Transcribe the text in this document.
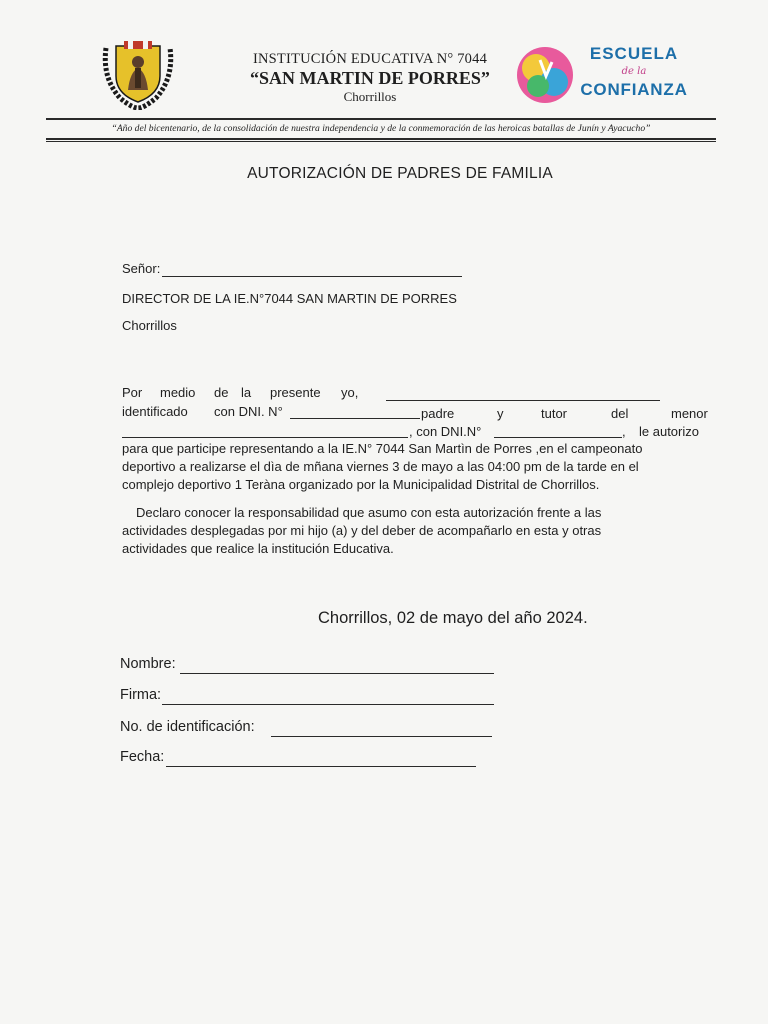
INSTITUCIÓN EDUCATIVA N° 7044
“SAN MARTIN DE PORRES”
Chorrillos
ESCUELA
de la
CONFIANZA
“Año del bicentenario, de la consolidación de nuestra independencia y de la conmemoración de las heroicas batallas de Junín y Ayacucho”
AUTORIZACIÓN DE PADRES DE FAMILIA
Señor:
DIRECTOR DE LA IE.N°7044 SAN MARTIN DE PORRES
Chorrillos
Por medio de la presente yo,
identificado con DNI. N°	padre	y	tutor	del	menor
, con DNI.N°	, le autorizo
para que participe representando a la IE.N° 7044 San Martìn de Porres ,en el campeonato
deportivo a realizarse el dìa de mñana viernes 3 de mayo a las 04:00 pm de la tarde en el
complejo deportivo 1 Teràna organizado por la Municipalidad Distrital de Chorrillos.
Declaro conocer la responsabilidad que asumo con esta autorización frente a las
actividades desplegadas por mi hijo (a) y del deber de acompañarlo en esta y otras
actividades que realice la institución Educativa.
Chorrillos, 02 de mayo del año 2024.
Nombre:
Firma:
No. de identificación:
Fecha:
